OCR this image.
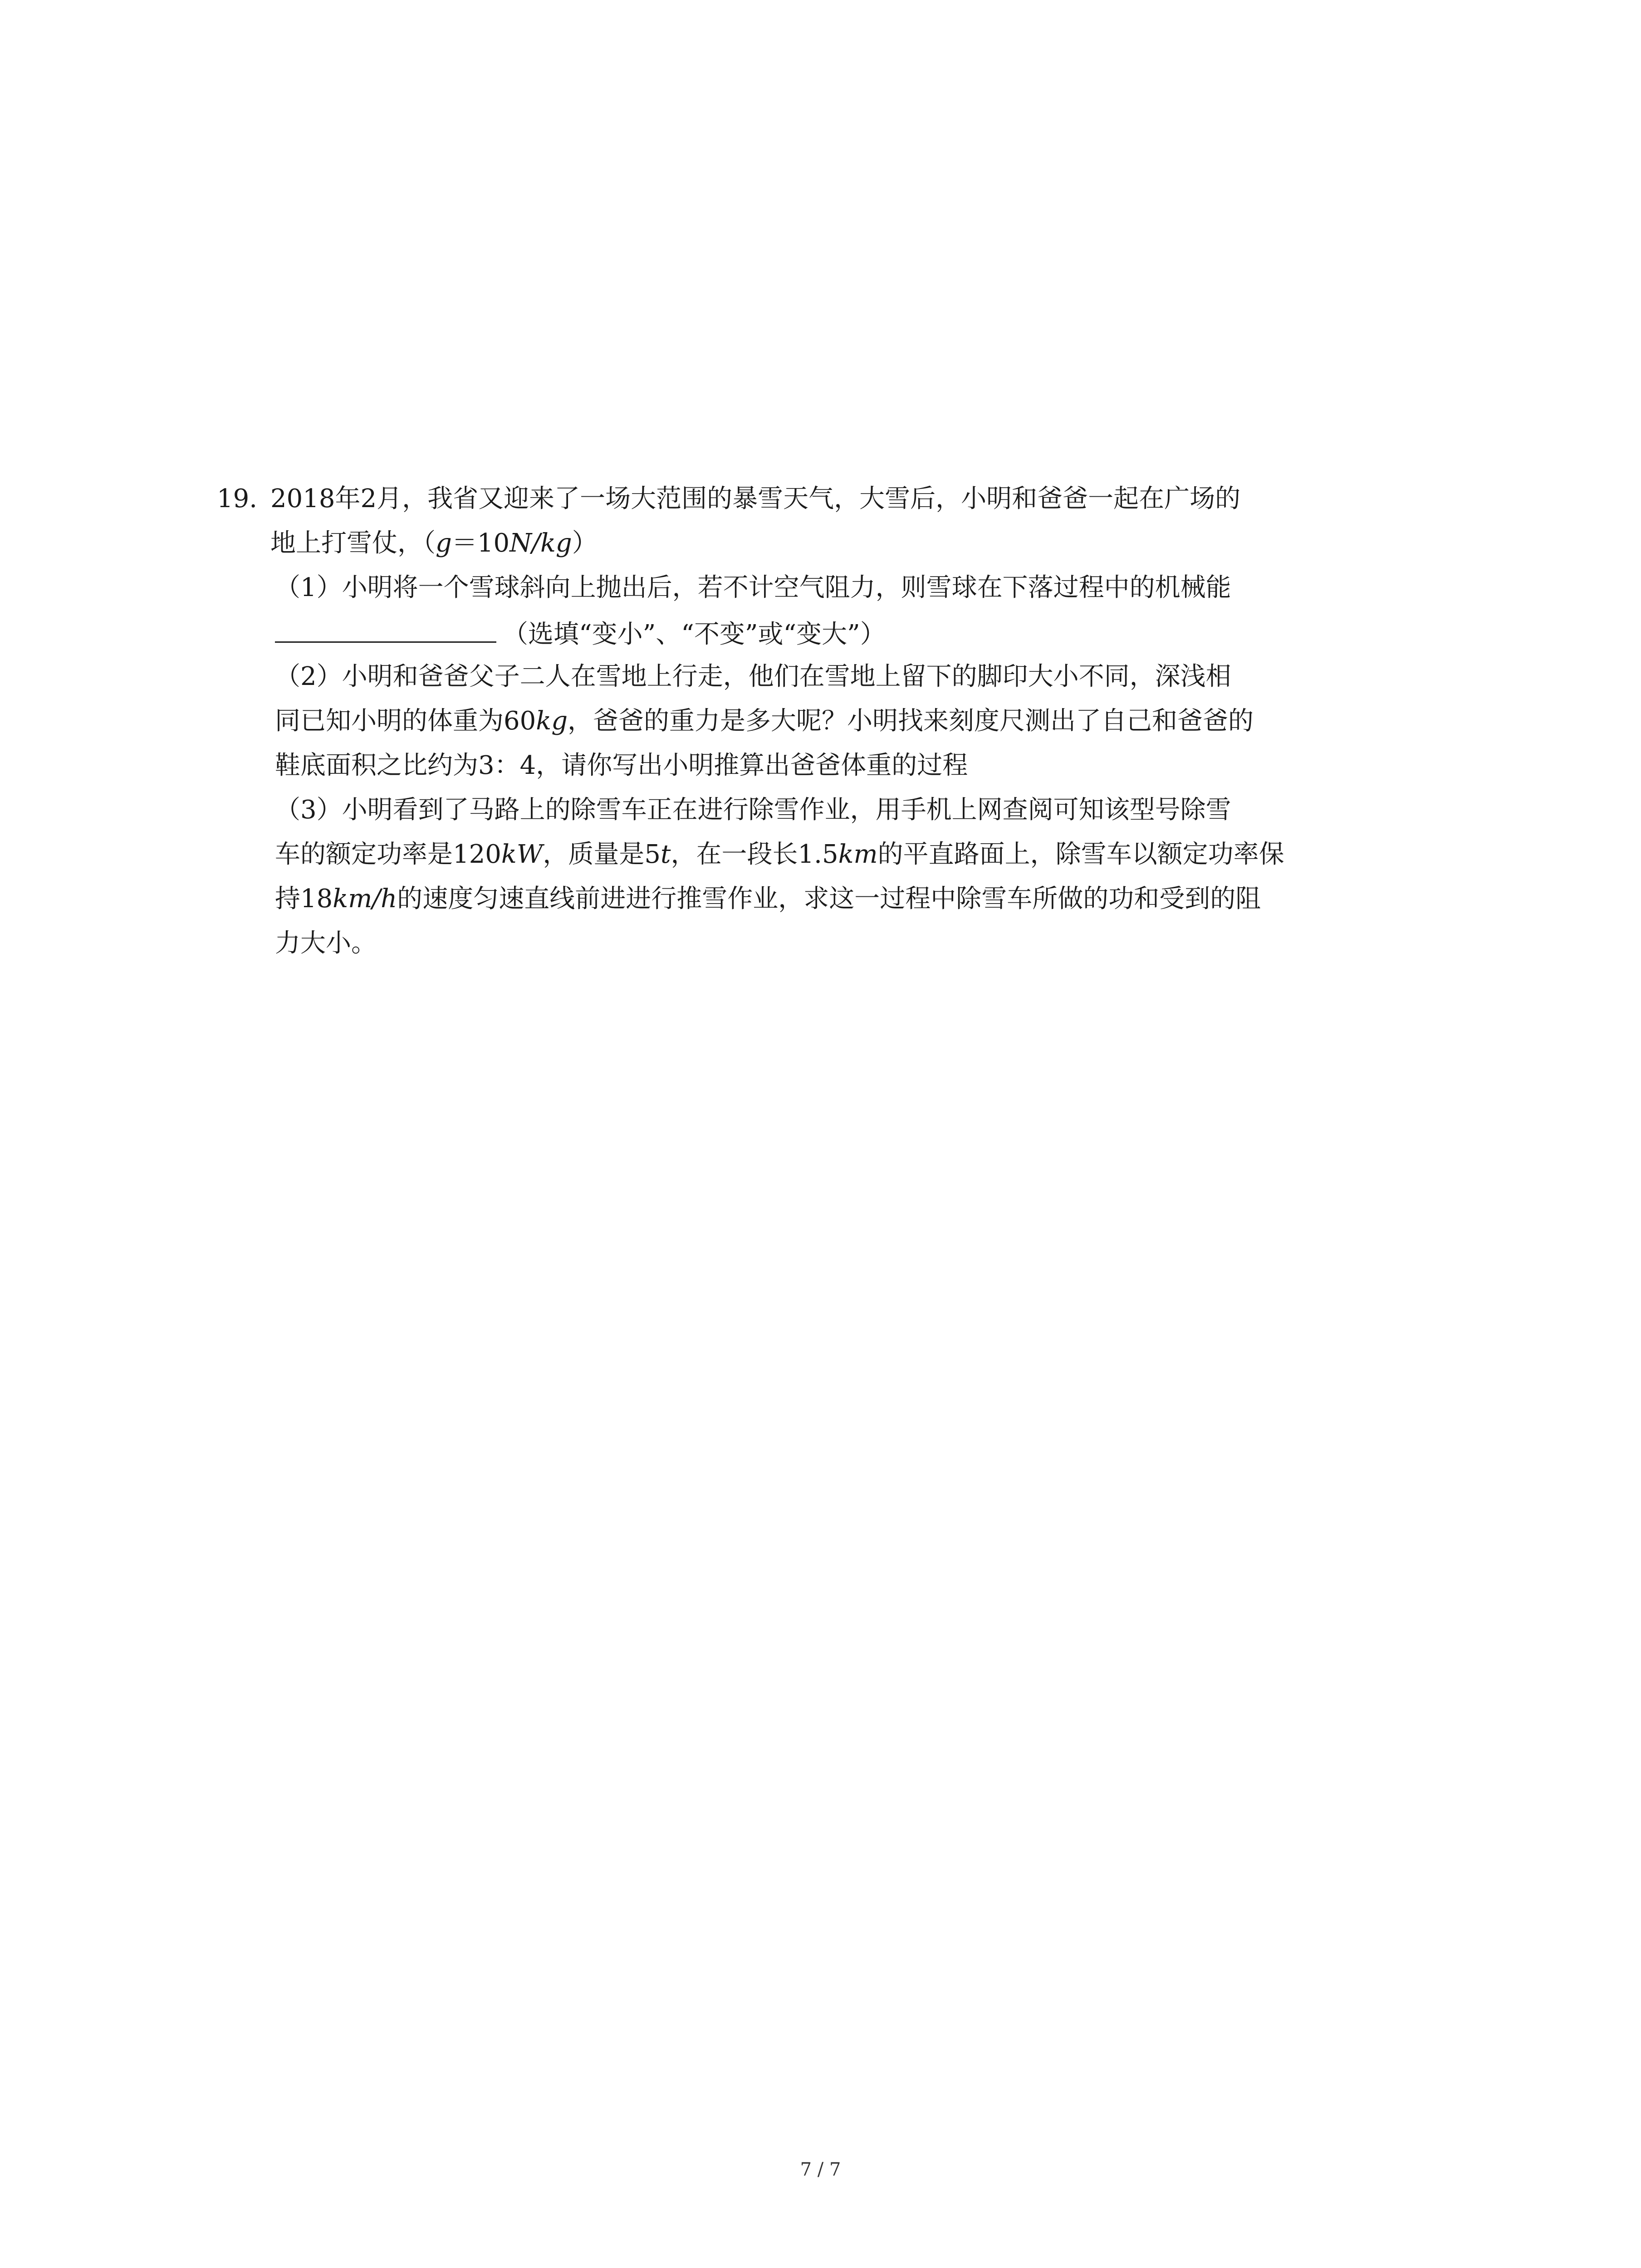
19. 2018年2月，我省又迎来了一场大范围的暴雪天气，大雪后，小明和爸爸一起在广场的
地上打雪仗，（g＝10N/kg）
（1）小明将一个雪球斜向上抛出后，若不计空气阻力，则雪球在下落过程中的机械能
（选填“变小”、“不变”或“变大”）
（2）小明和爸爸父子二人在雪地上行走，他们在雪地上留下的脚印大小不同，深浅相
同已知小明的体重为60kg，爸爸的重力是多大呢？小明找来刻度尺测出了自己和爸爸的
鞋底面积之比约为3：4，请你写出小明推算出爸爸体重的过程
（3）小明看到了马路上的除雪车正在进行除雪作业，用手机上网查阅可知该型号除雪
车的额定功率是120kW，质量是5t，在一段长1.5km的平直路面上，除雪车以额定功率保
持18km/h的速度匀速直线前进进行推雪作业，求这一过程中除雪车所做的功和受到的阻
力大小。
7 / 7
